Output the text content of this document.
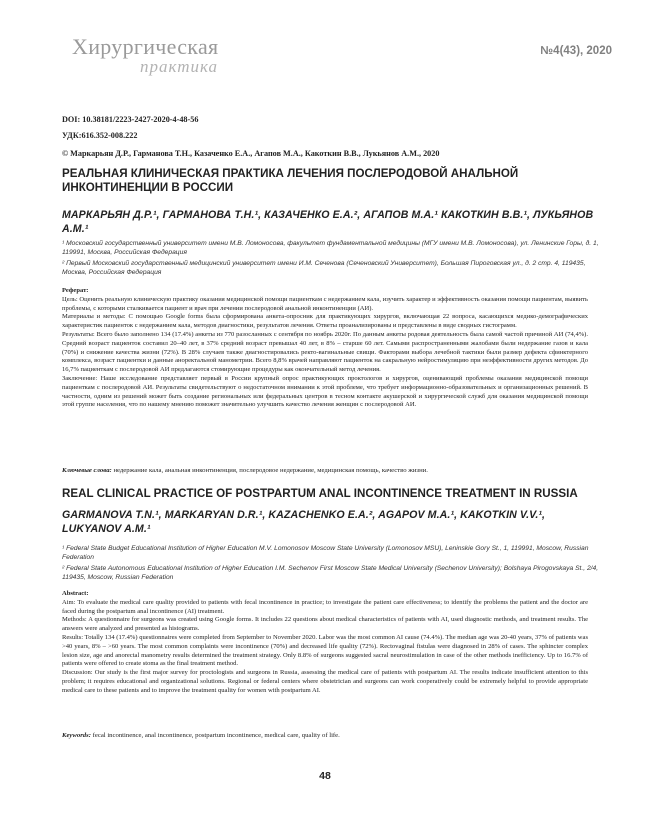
Хирургическая
практика
№4(43), 2020
DOI: 10.38181/2223-2427-2020-4-48-56
УДК:616.352-008.222
© Маркарьян Д.Р., Гарманова Т.Н., Казаченко Е.А., Агапов М.А., Какоткин В.В., Лукьянов А.М., 2020
РЕАЛЬНАЯ КЛИНИЧЕСКАЯ ПРАКТИКА ЛЕЧЕНИЯ ПОСЛЕРОДОВОЙ АНАЛЬНОЙ ИНКОНТИНЕНЦИИ В РОССИИ
МАРКАРЬЯН Д.Р.¹, ГАРМАНОВА Т.Н.¹, КАЗАЧЕНКО Е.А.², АГАПОВ М.А.¹ КАКОТКИН В.В.¹, ЛУКЬЯНОВ А.М.¹

¹ Московский государственный университет имени М.В. Ломоносова, факультет фундаментальной медицины (МГУ имени М.В. Ломоносова), ул. Ленинские Горы, д. 1, 119991, Москва, Российская Федерация

² Первый Московский государственный медицинский университет имени И.М. Сеченова (Сеченовский Университет), Большая Пироговская ул., д. 2 стр. 4, 119435, Москва, Российская Федерация

Реферат:

Цель: Оценить реальную клиническую практику оказания медицинской помощи пациенткам с недержанием кала, изучить характер и эффективность оказания помощи пациентам, выявить проблемы, с которыми сталкивается пациент и врач при лечении послеродовой анальной инконтиненции (АИ).

Материалы и методы: С помощью Google forms была сформирована анкета-опросник для практикующих хирургов, включающая 22 вопроса, касающихся медико-демографических характеристик пациенток с недержанием кала, методов диагностики, результатов лечения. Ответы проанализированы и представлены в виде сводных гистограмм.

Результаты: Всего было заполнено 134 (17.4%) анкеты из 770 разосланных с сентября по ноябрь 2020г. По данным анкеты родовая деятельность была самой частой причиной АИ (74,4%). Средний возраст пациенток составил 20–40 лет, в 37% средний возраст превышал 40 лет, в 8% – старше 60 лет. Самыми распространенными жалобами были недержание газов и кала (70%) и снижение качества жизни (72%). В 28% случаев также диагностировались ректо-вагинальные свищи. Факторами выбора лечебной тактики были размер дефекта сфинктерного комплекса, возраст пациентки и данные аноректальной манометрии. Всего 8,8% врачей направляют пациенток на сакральную нейростимуляцию при неэффективности других методов. До 16,7% пациенткам с послеродовой АИ предлагаются стомирующие процедуры как окончательный метод лечения.

Заключение: Наше исследование представляет первый в России крупный опрос практикующих проктологов и хирургов, оценивающий проблемы оказания медицинской помощи пациенткам с послеродовой АИ. Результаты свидетельствуют о недостаточном внимании к этой проблеме, что требует информационно-образовательных и организационных решений. В частности, одним из решений может быть создание региональных или федеральных центров в тесном контакте акушерской и хирургической служб для оказания медицинской помощи этой группе населения, что по нашему мнению поможет значительно улучшить качество лечения женщин с послеродовой АИ.

Ключевые слова: недержание кала, анальная инконтиненция, послеродовое недержание, медицинская помощь, качество жизни.
REAL CLINICAL PRACTICE OF POSTPARTUM ANAL INCONTINENCE TREATMENT IN RUSSIA
GARMANOVA T.N.¹, MARKARYAN D.R.¹, KAZACHENKO E.A.², AGAPOV M.A.¹, KAKOTKIN V.V.¹, LUKYANOV A.M.¹

¹ Federal State Budget Educational Institution of Higher Education M.V. Lomonosov Moscow State University (Lomonosov MSU), Leninskie Gory St., 1, 119991, Moscow, Russian Federation

² Federal State Autonomous Educational Institution of Higher Education I.M. Sechenov First Moscow State Medical University (Sechenov University); Bolshaya Pirogovskaya St., 2/4, 119435, Moscow, Russian Federation

Abstract:

Aim: To evaluate the medical care quality provided to patients with fecal incontinence in practice; to investigate the patient care effectiveness; to identify the problems the patient and the doctor are faced during the postpartum anal incontinence (AI) treatment.

Methods: A questionnaire for surgeons was created using Google forms. It includes 22 questions about medical characteristics of patients with AI, used diagnostic methods, and treatment results. The answers were analyzed and presented as histograms.

Results: Totally 134 (17.4%) questionnaires were completed from September to November 2020. Labor was the most common AI cause (74.4%). The median age was 20-40 years, 37% of patients was >40 years, 8% – >60 years. The most common complaints were incontinence (70%) and decreased life quality (72%). Rectovaginal fistulas were diagnosed in 28% of cases. The sphincter complex lesion size, age and anorectal manometry results determined the treatment strategy. Only 8.8% of surgeons suggested sacral neurostimulation in case of the other methods inefficiency. Up to 16.7% of patients were offered to create stoma as the final treatment method.

Discussion: Our study is the first major survey for proctologists and surgeons in Russia, assessing the medical care of patients with postpartum AI. The results indicate insufficient attention to this problem; it requires educational and organizational solutions. Regional or federal centers where obstetrician and surgeons can work cooperatively could be extremely helpful to provide appropriate medical care to these patients and to improve the treatment quality for women with postpartum AI.

Keywords: fecal incontinence, anal incontinence, postpartum incontinence, medical care, quality of life.
48
